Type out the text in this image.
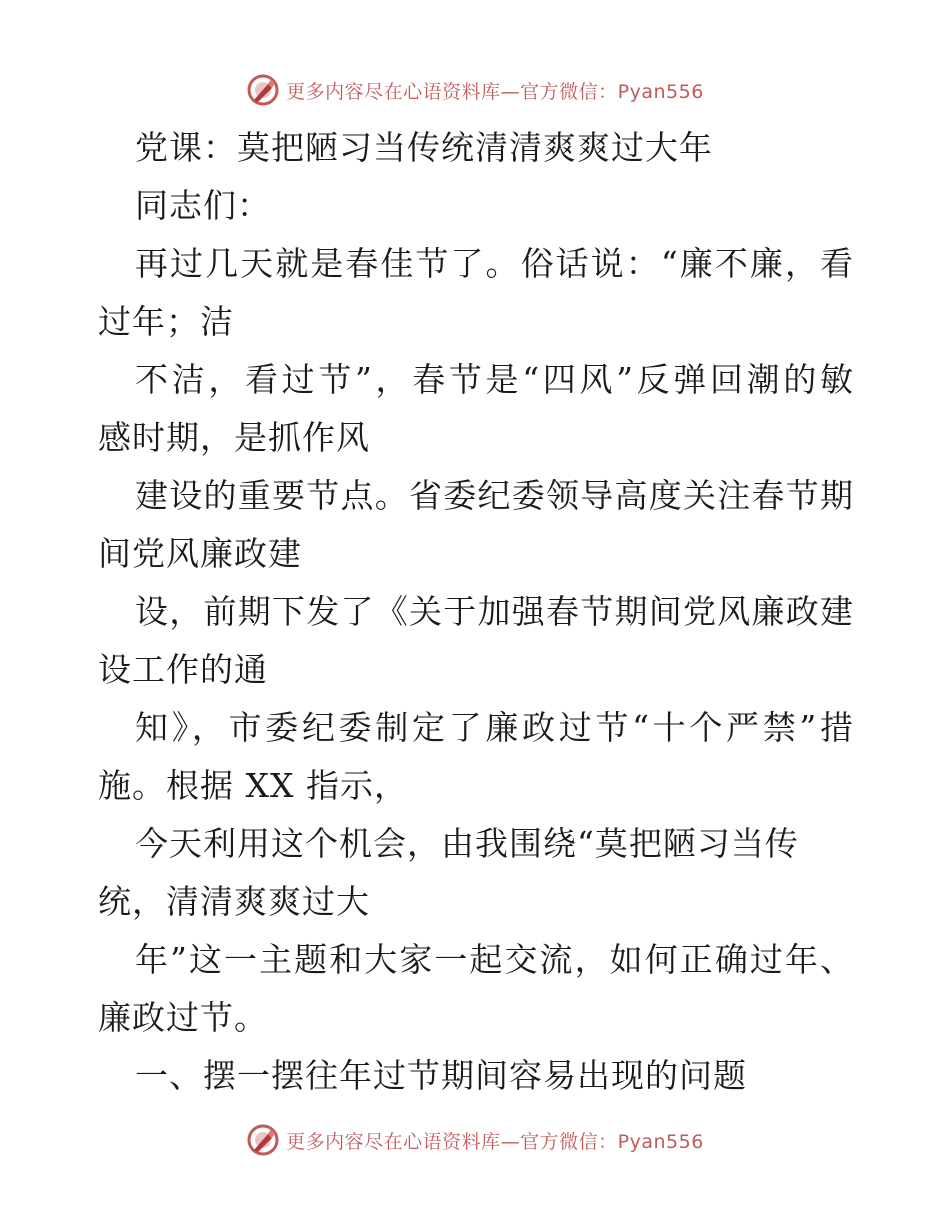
更多内容尽在心语资料库—官方微信：Pyan556
党课：莫把陋习当传统清清爽爽过大年
同志们：
再过几天就是春佳节了。俗话说：“廉不廉，看
过年；洁
不洁，看过节”，春节是“四风”反弹回潮的敏
感时期，是抓作风
建设的重要节点。省委纪委领导高度关注春节期
间党风廉政建
设，前期下发了《关于加强春节期间党风廉政建
设工作的通
知》，市委纪委制定了廉政过节“十个严禁”措
施。根据 XX 指示，
今天利用这个机会，由我围绕“莫把陋习当传
统，清清爽爽过大
年”这一主题和大家一起交流，如何正确过年、
廉政过节。
一、摆一摆往年过节期间容易出现的问题
更多内容尽在心语资料库—官方微信：Pyan556
